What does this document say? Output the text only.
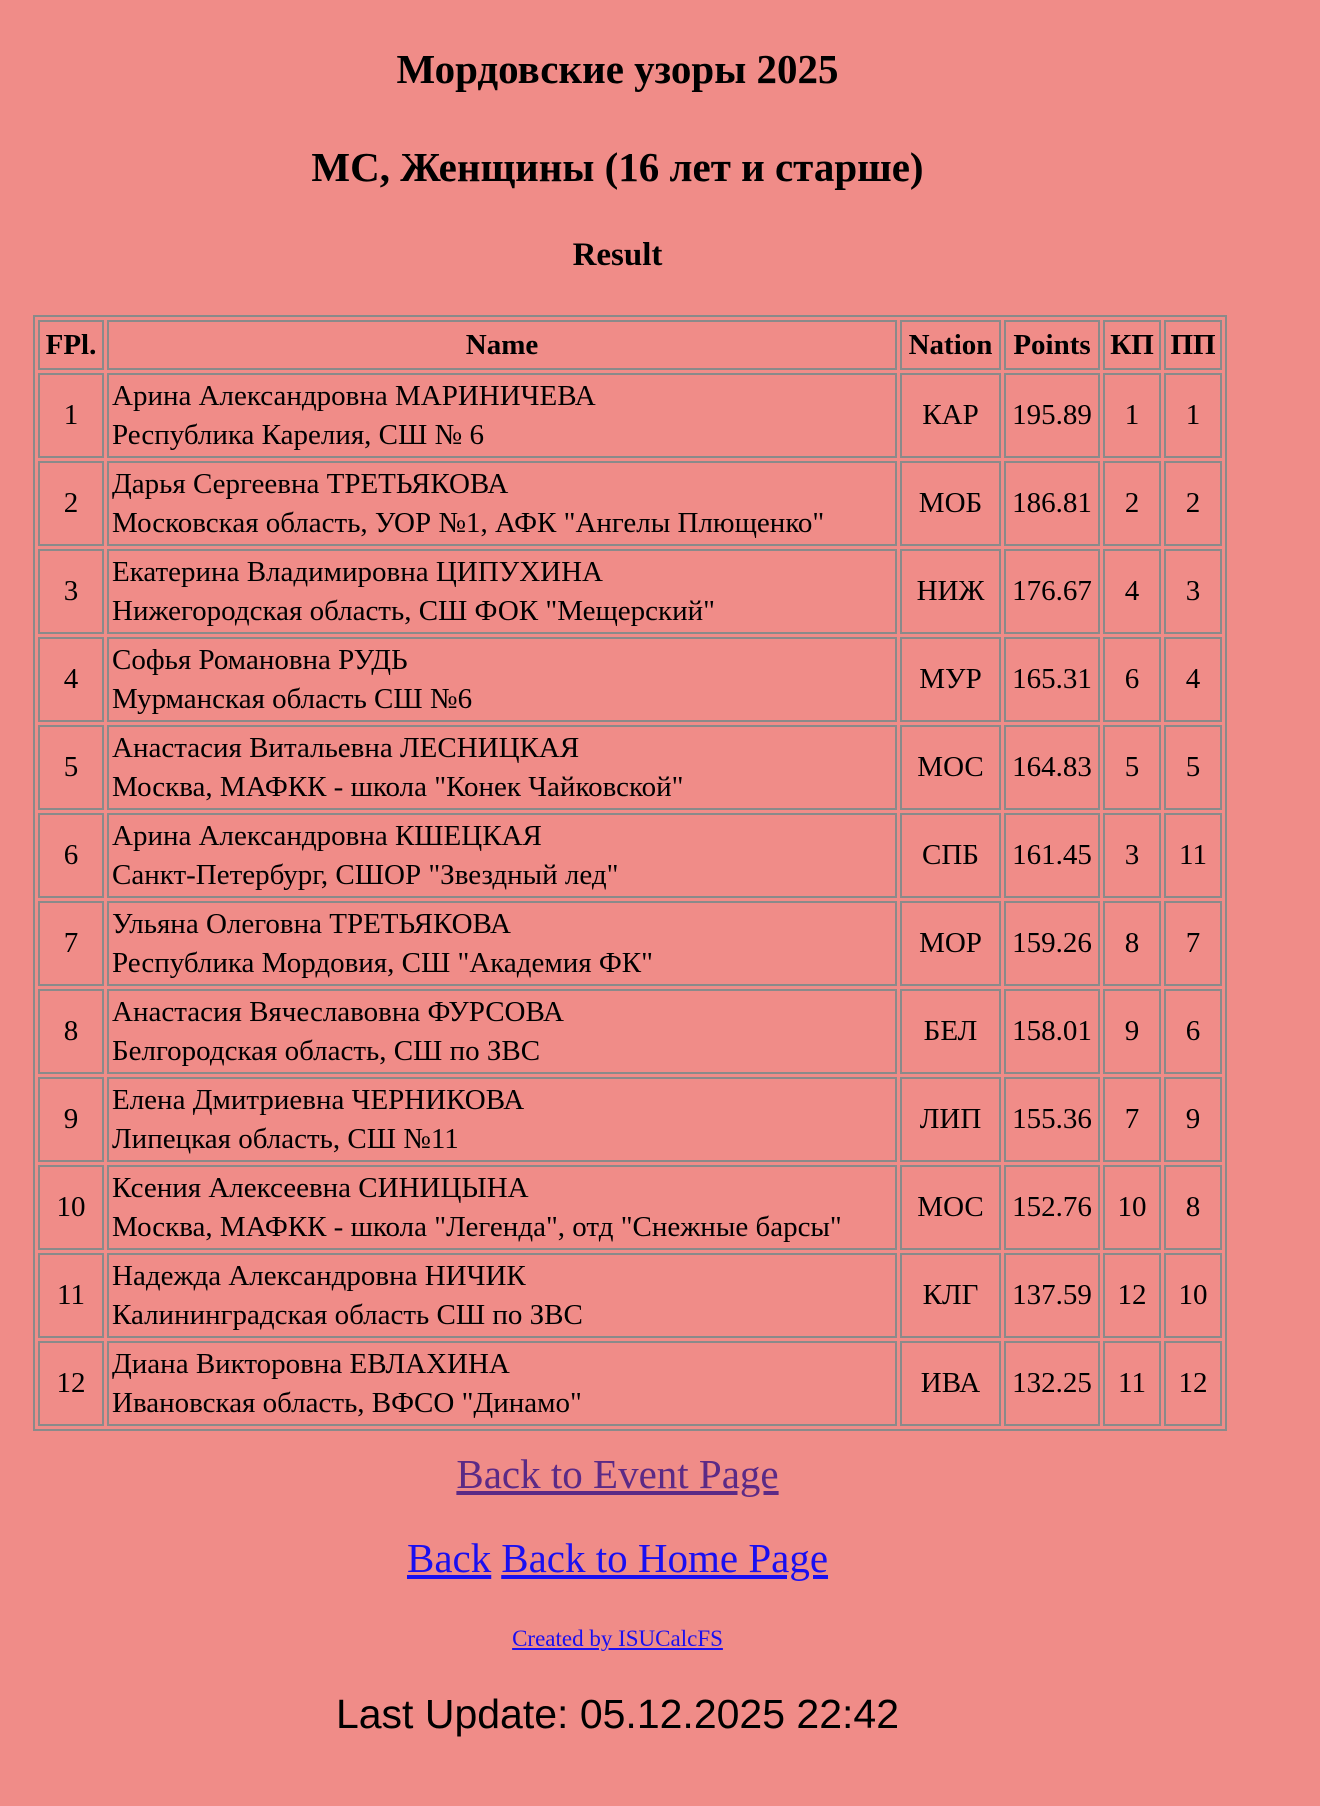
Мордовские узоры 2025
МС, Женщины (16 лет и старше)
Result
FPl.	Name	Nation	Points	КП	ПП
1	Арина Александровна МАРИНИЧЕВА
Республика Карелия, СШ № 6	КАР	195.89	1	1
2	Дарья Сергеевна ТРЕТЬЯКОВА
Московская область, УОР №1, АФК "Ангелы Плющенко"	МОБ	186.81	2	2
3	Екатерина Владимировна ЦИПУХИНА
Нижегородская область, СШ ФОК "Мещерский"	НИЖ	176.67	4	3
4	Софья Романовна РУДЬ
Мурманская область СШ №6	МУР	165.31	6	4
5	Анастасия Витальевна ЛЕСНИЦКАЯ
Москва, МАФКК - школа "Конек Чайковской"	МОС	164.83	5	5
6	Арина Александровна КШЕЦКАЯ
Санкт-Петербург, СШОР "Звездный лед"	СПБ	161.45	3	11
7	Ульяна Олеговна ТРЕТЬЯКОВА
Республика Мордовия, СШ "Академия ФК"	МОР	159.26	8	7
8	Анастасия Вячеславовна ФУРСОВА
Белгородская область, СШ по ЗВС	БЕЛ	158.01	9	6
9	Елена Дмитриевна ЧЕРНИКОВА
Липецкая область, СШ №11	ЛИП	155.36	7	9
10	Ксения Алексеевна СИНИЦЫНА
Москва, МАФКК - школа "Легенда", отд "Снежные барсы"	МОС	152.76	10	8
11	Надежда Александровна НИЧИК
Калининградская область СШ по ЗВС	КЛГ	137.59	12	10
12	Диана Викторовна ЕВЛАХИНА
Ивановская область, ВФСО "Динамо"	ИВА	132.25	11	12
Back to Event Page
Back Back to Home Page
Created by ISUCalcFS
Last Update: 05.12.2025 22:42
